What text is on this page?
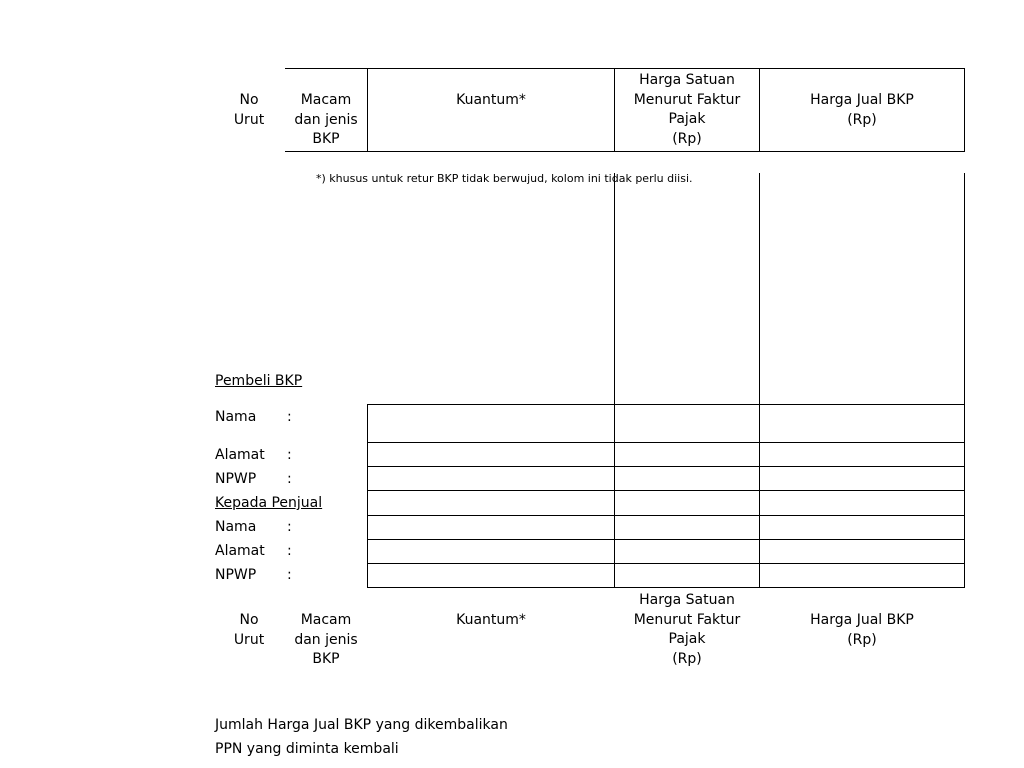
No
Urut
Macam
dan jenis
BKP
Kuantum*
Harga Satuan
Menurut Faktur
Pajak
(Rp)
Harga Jual BKP
(Rp)
*) khusus untuk retur BKP tidak berwujud, kolom ini tidak perlu diisi.
Pembeli BKP
Nama :
Alamat :
NPWP :
Kepada Penjual
Nama :
Alamat :
NPWP :
No
Urut
Macam
dan jenis
BKP
Kuantum*
Harga Satuan
Menurut Faktur
Pajak
(Rp)
Harga Jual BKP
(Rp)
Jumlah Harga Jual BKP yang dikembalikan
PPN yang diminta kembali
